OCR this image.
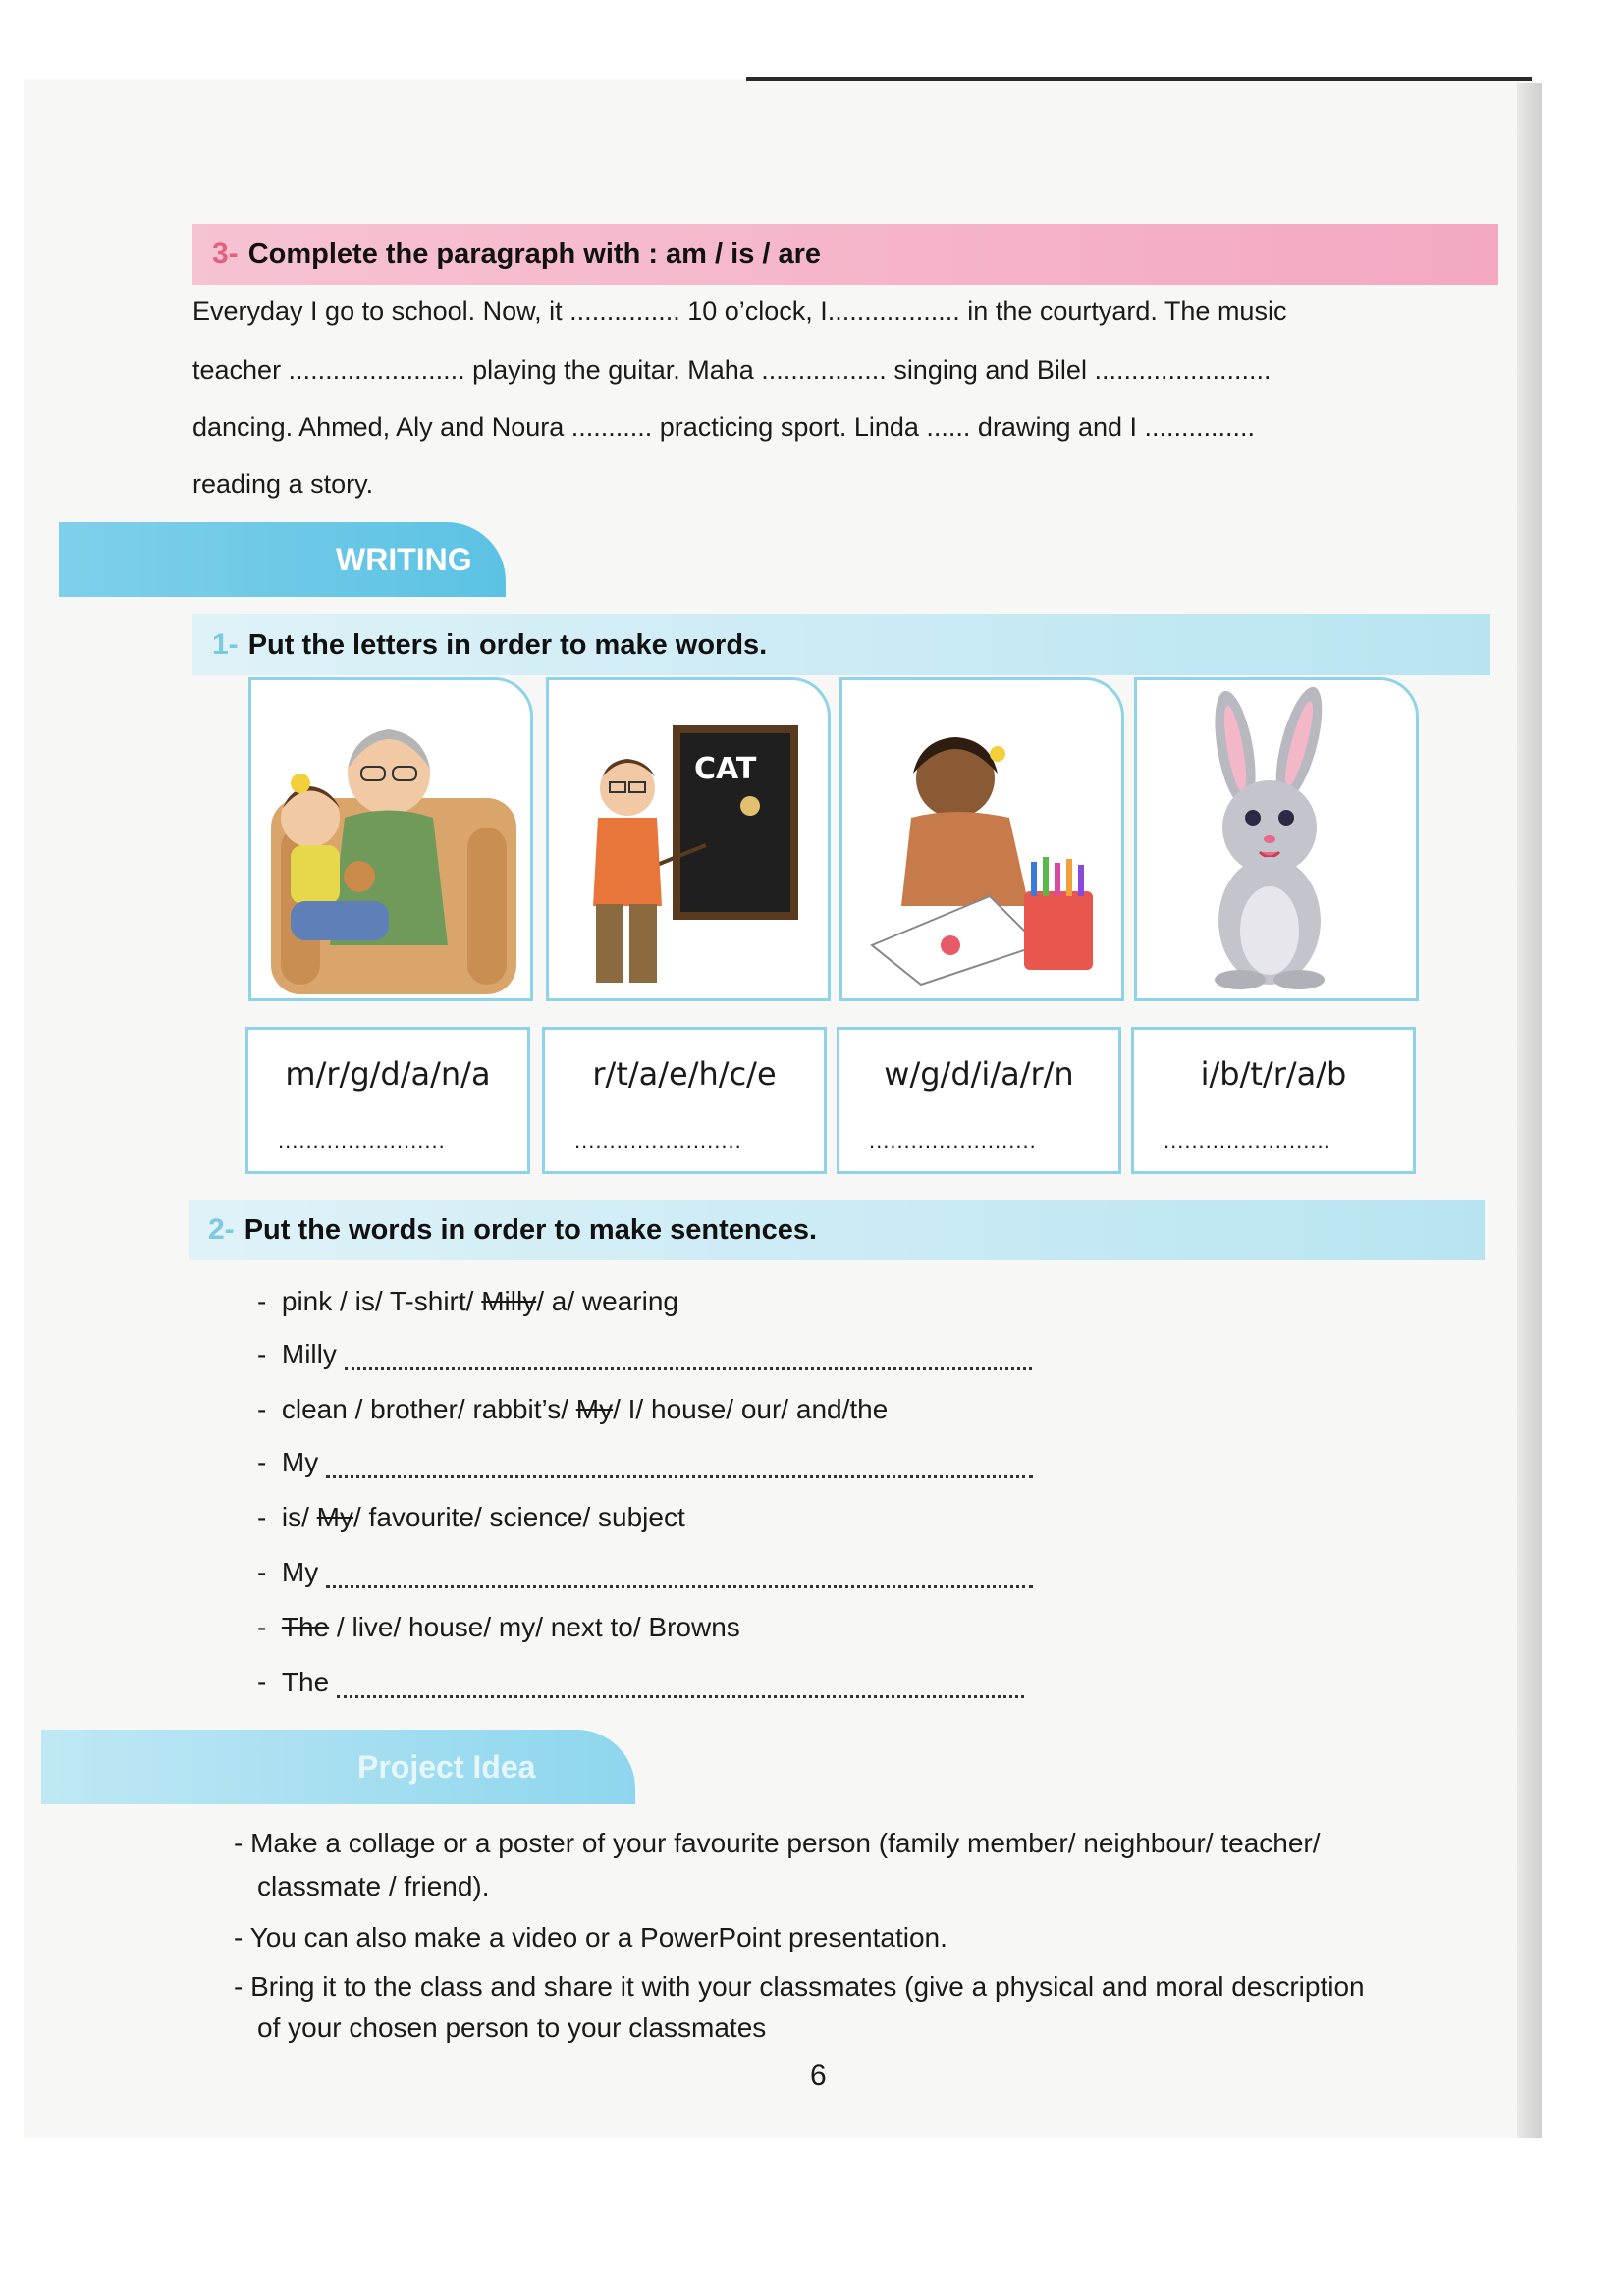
3- Complete the paragraph with : am / is / are
Everyday I go to school. Now, it ............... 10 o’clock, I.................. in the courtyard. The music
teacher ........................ playing the guitar. Maha ................. singing and Bilel ........................
dancing. Ahmed, Aly and Noura ........... practicing sport. Linda ...... drawing and I ...............
reading a story.
WRITING
1- Put the letters in order to make words.
CAT
m/r/g/d/a/n/a
........................
r/t/a/e/h/c/e
........................
w/g/d/i/a/r/n
........................
i/b/t/r/a/b
........................
2- Put the words in order to make sentences.
- pink / is/ T-shirt/ Milly/ a/ wearing
- Milly
- clean / brother/ rabbit’s/ My/ I/ house/ our/ and/the
- My
- is/ My/ favourite/ science/ subject
- My
- The / live/ house/ my/ next to/ Browns
- The
Project Idea
- Make a collage or a poster of your favourite person (family member/ neighbour/ teacher/
classmate / friend).
- You can also make a video or a PowerPoint presentation.
- Bring it to the class and share it with your classmates (give a physical and moral description
of your chosen person to your classmates
6
